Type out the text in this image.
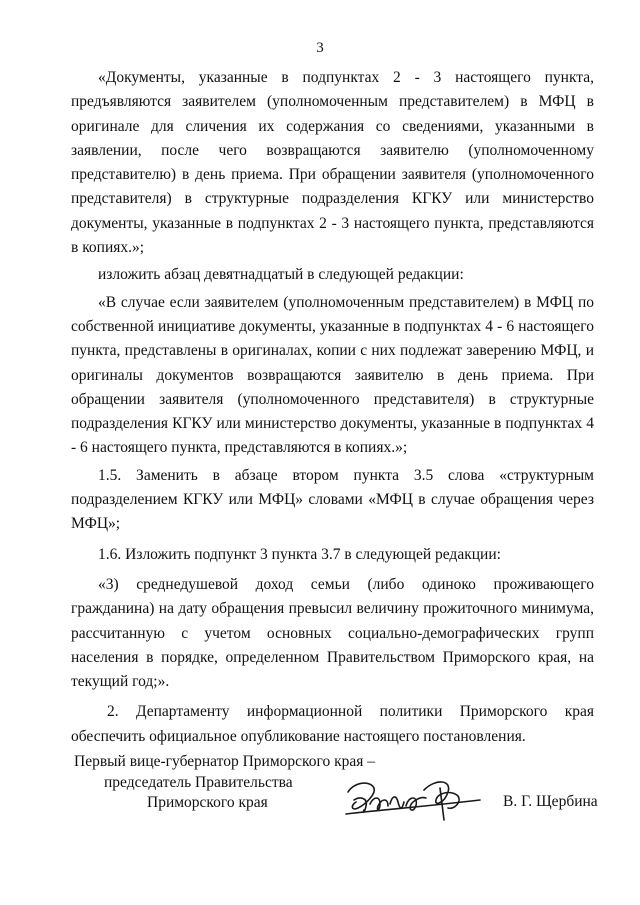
3

«Документы, указанные в подпунктах 2 - 3 настоящего пункта, предъявляются заявителем (уполномоченным представителем) в МФЦ в оригинале для сличения их содержания со сведениями, указанными в заявлении, после чего возвращаются заявителю (уполномоченному представителю) в день приема. При обращении заявителя (уполномоченного представителя) в структурные подразделения КГКУ или министерство документы, указанные в подпунктах 2 - 3 настоящего пункта, представляются в копиях.»;

изложить абзац девятнадцатый в следующей редакции:

«В случае если заявителем (уполномоченным представителем) в МФЦ по собственной инициативе документы, указанные в подпунктах 4 - 6 настоящего пункта, представлены в оригиналах, копии с них подлежат заверению МФЦ, и оригиналы документов возвращаются заявителю в день приема. При обращении заявителя (уполномоченного представителя) в структурные подразделения КГКУ или министерство документы, указанные в подпунктах 4 - 6 настоящего пункта, представляются в копиях.»;

1.5. Заменить в абзаце втором пункта 3.5 слова «структурным подразделением КГКУ или МФЦ» словами «МФЦ в случае обращения через МФЦ»;

1.6. Изложить подпункт 3 пункта 3.7 в следующей редакции:

«3) среднедушевой доход семьи (либо одиноко проживающего гражданина) на дату обращения превысил величину прожиточного минимума, рассчитанную с учетом основных социально-демографических групп населения в порядке, определенном Правительством Приморского края, на текущий год;».

2. Департаменту информационной политики Приморского края обеспечить официальное опубликование настоящего постановления.

Первый вице-губернатор Приморского края –
председатель Правительства
Приморского края	В. Г. Щербина
